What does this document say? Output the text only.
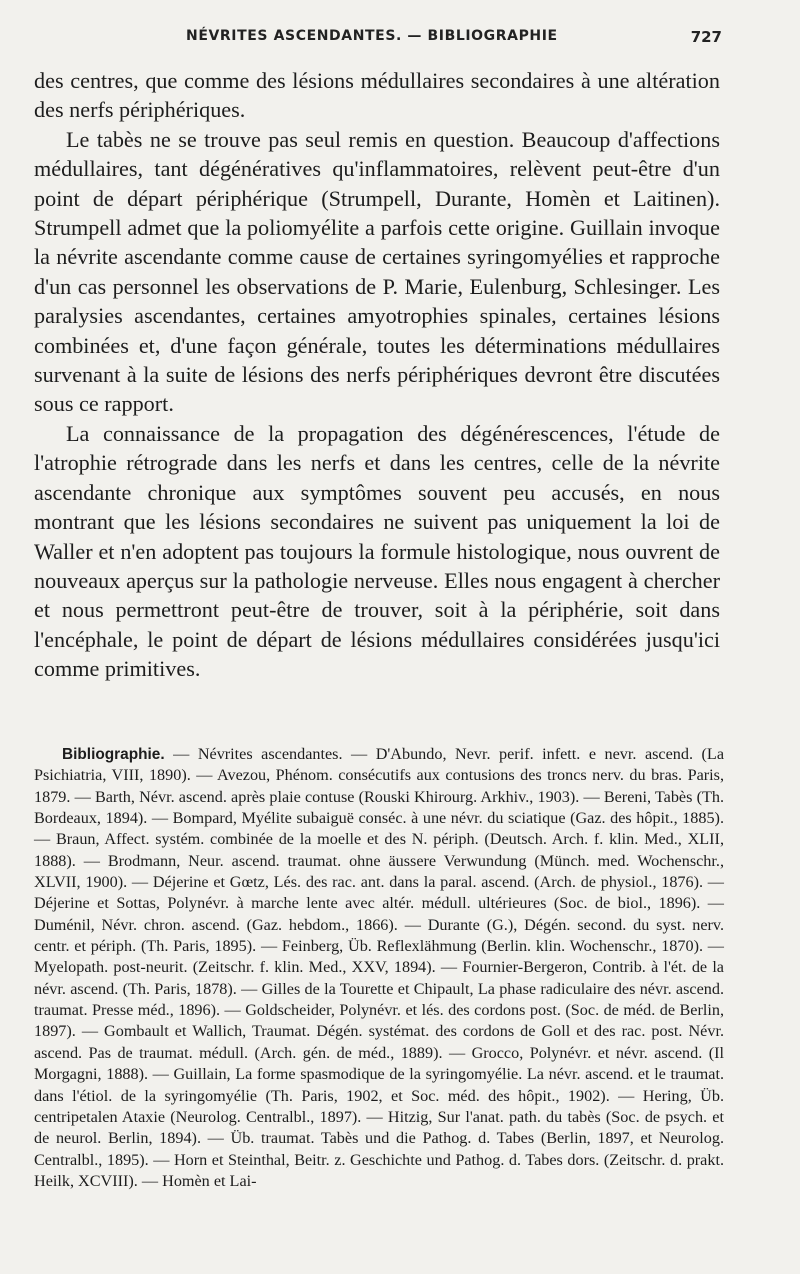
NÉVRITES ASCENDANTES. — BIBLIOGRAPHIE	727

des centres, que comme des lésions médullaires secondaires à une altération des nerfs périphériques.

Le tabès ne se trouve pas seul remis en question. Beaucoup d'affections médullaires, tant dégénératives qu'inflammatoires, relèvent peut-être d'un point de départ périphérique (Strumpell, Durante, Homèn et Laitinen). Strumpell admet que la poliomyélite a parfois cette origine. Guillain invoque la névrite ascendante comme cause de certaines syringomyélies et rapproche d'un cas personnel les observations de P. Marie, Eulenburg, Schlesinger. Les paralysies ascendantes, certaines amyotrophies spinales, certaines lésions combinées et, d'une façon générale, toutes les déterminations médullaires survenant à la suite de lésions des nerfs périphériques devront être discutées sous ce rapport.

La connaissance de la propagation des dégénérescences, l'étude de l'atrophie rétrograde dans les nerfs et dans les centres, celle de la névrite ascendante chronique aux symptômes souvent peu accusés, en nous montrant que les lésions secondaires ne suivent pas uniquement la loi de Waller et n'en adoptent pas toujours la formule histologique, nous ouvrent de nouveaux aperçus sur la pathologie nerveuse. Elles nous engagent à chercher et nous permettront peut-être de trouver, soit à la périphérie, soit dans l'encéphale, le point de départ de lésions médullaires considérées jusqu'ici comme primitives.

Bibliographie. — Névrites ascendantes. — D'Abundo, Nevr. perif. infett. e nevr. ascend. (La Psichiatria, VIII, 1890). — Avezou, Phénom. consécutifs aux contusions des troncs nerv. du bras. Paris, 1879. — Barth, Névr. ascend. après plaie contuse (Rouski Khirourg. Arkhiv., 1903). — Bereni, Tabès (Th. Bordeaux, 1894). — Bompard, Myélite subaiguë conséc. à une névr. du sciatique (Gaz. des hôpit., 1885). — Braun, Affect. systém. combinée de la moelle et des N. périph. (Deutsch. Arch. f. klin. Med., XLII, 1888). — Brodmann, Neur. ascend. traumat. ohne äussere Verwundung (Münch. med. Wochenschr., XLVII, 1900). — Déjerine et Gœtz, Lés. des rac. ant. dans la paral. ascend. (Arch. de physiol., 1876). — Déjerine et Sottas, Polynévr. à marche lente avec altér. médull. ultérieures (Soc. de biol., 1896). — Duménil, Névr. chron. ascend. (Gaz. hebdom., 1866). — Durante (G.), Dégén. second. du syst. nerv. centr. et périph. (Th. Paris, 1895). — Feinberg, Üb. Reflexlähmung (Berlin. klin. Wochenschr., 1870). — Myelopath. post-neurit. (Zeitschr. f. klin. Med., XXV, 1894). — Fournier-Bergeron, Contrib. à l'ét. de la névr. ascend. (Th. Paris, 1878). — Gilles de la Tourette et Chipault, La phase radiculaire des névr. ascend. traumat. Presse méd., 1896). — Goldscheider, Polynévr. et lés. des cordons post. (Soc. de méd. de Berlin, 1897). — Gombault et Wallich, Traumat. Dégén. systémat. des cordons de Goll et des rac. post. Névr. ascend. Pas de traumat. médull. (Arch. gén. de méd., 1889). — Grocco, Polynévr. et névr. ascend. (Il Morgagni, 1888). — Guillain, La forme spasmodique de la syringomyélie. La névr. ascend. et le traumat. dans l'étiol. de la syringomyélie (Th. Paris, 1902, et Soc. méd. des hôpit., 1902). — Hering, Üb. centripetalen Ataxie (Neurolog. Centralbl., 1897). — Hitzig, Sur l'anat. path. du tabès (Soc. de psych. et de neurol. Berlin, 1894). — Üb. traumat. Tabès und die Pathog. d. Tabes (Berlin, 1897, et Neurolog. Centralbl., 1895). — Horn et Steinthal, Beitr. z. Geschichte und Pathog. d. Tabes dors. (Zeitschr. d. prakt. Heilk, XCVIII). — Homèn et Lai-
